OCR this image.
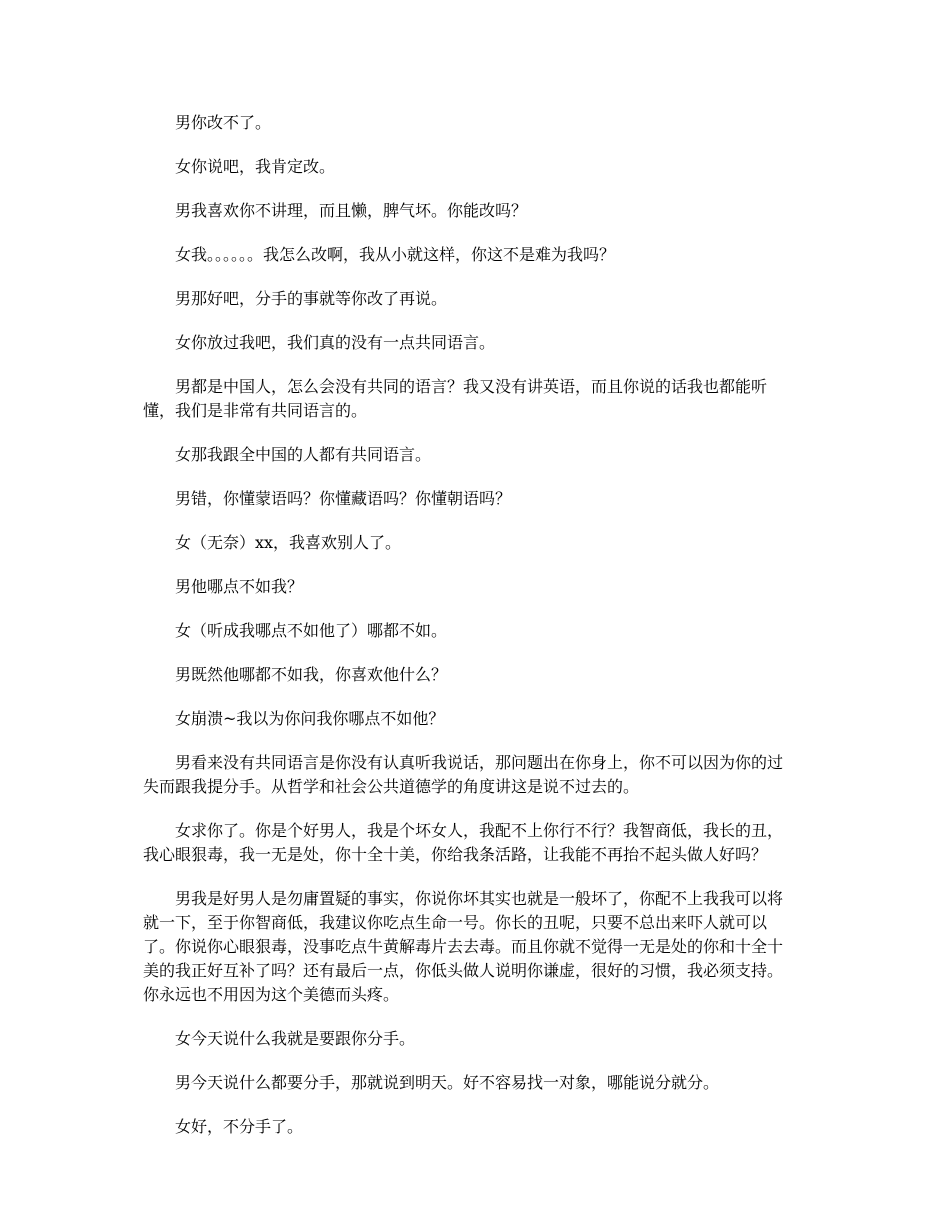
男你改不了。

女你说吧，我肯定改。

男我喜欢你不讲理，而且懒，脾气坏。你能改吗？

女我。。。。。。我怎么改啊，我从小就这样，你这不是难为我吗？

男那好吧，分手的事就等你改了再说。

女你放过我吧，我们真的没有一点共同语言。

男都是中国人，怎么会没有共同的语言？我又没有讲英语，而且你说的话我也都能听懂，我们是非常有共同语言的。

女那我跟全中国的人都有共同语言。

男错，你懂蒙语吗？你懂藏语吗？你懂朝语吗？

女（无奈）xx，我喜欢别人了。

男他哪点不如我？

女（听成我哪点不如他了）哪都不如。

男既然他哪都不如我，你喜欢他什么？

女崩溃~我以为你问我你哪点不如他？

男看来没有共同语言是你没有认真听我说话，那问题出在你身上，你不可以因为你的过失而跟我提分手。从哲学和社会公共道德学的角度讲这是说不过去的。

女求你了。你是个好男人，我是个坏女人，我配不上你行不行？我智商低，我长的丑，我心眼狠毒，我一无是处，你十全十美，你给我条活路，让我能不再抬不起头做人好吗？

男我是好男人是勿庸置疑的事实，你说你坏其实也就是一般坏了，你配不上我我可以将就一下，至于你智商低，我建议你吃点生命一号。你长的丑呢，只要不总出来吓人就可以了。你说你心眼狠毒，没事吃点牛黄解毒片去去毒。而且你就不觉得一无是处的你和十全十美的我正好互补了吗？还有最后一点，你低头做人说明你谦虚，很好的习惯，我必须支持。你永远也不用因为这个美德而头疼。

女今天说什么我就是要跟你分手。

男今天说什么都要分手，那就说到明天。好不容易找一对象，哪能说分就分。

女好，不分手了。
